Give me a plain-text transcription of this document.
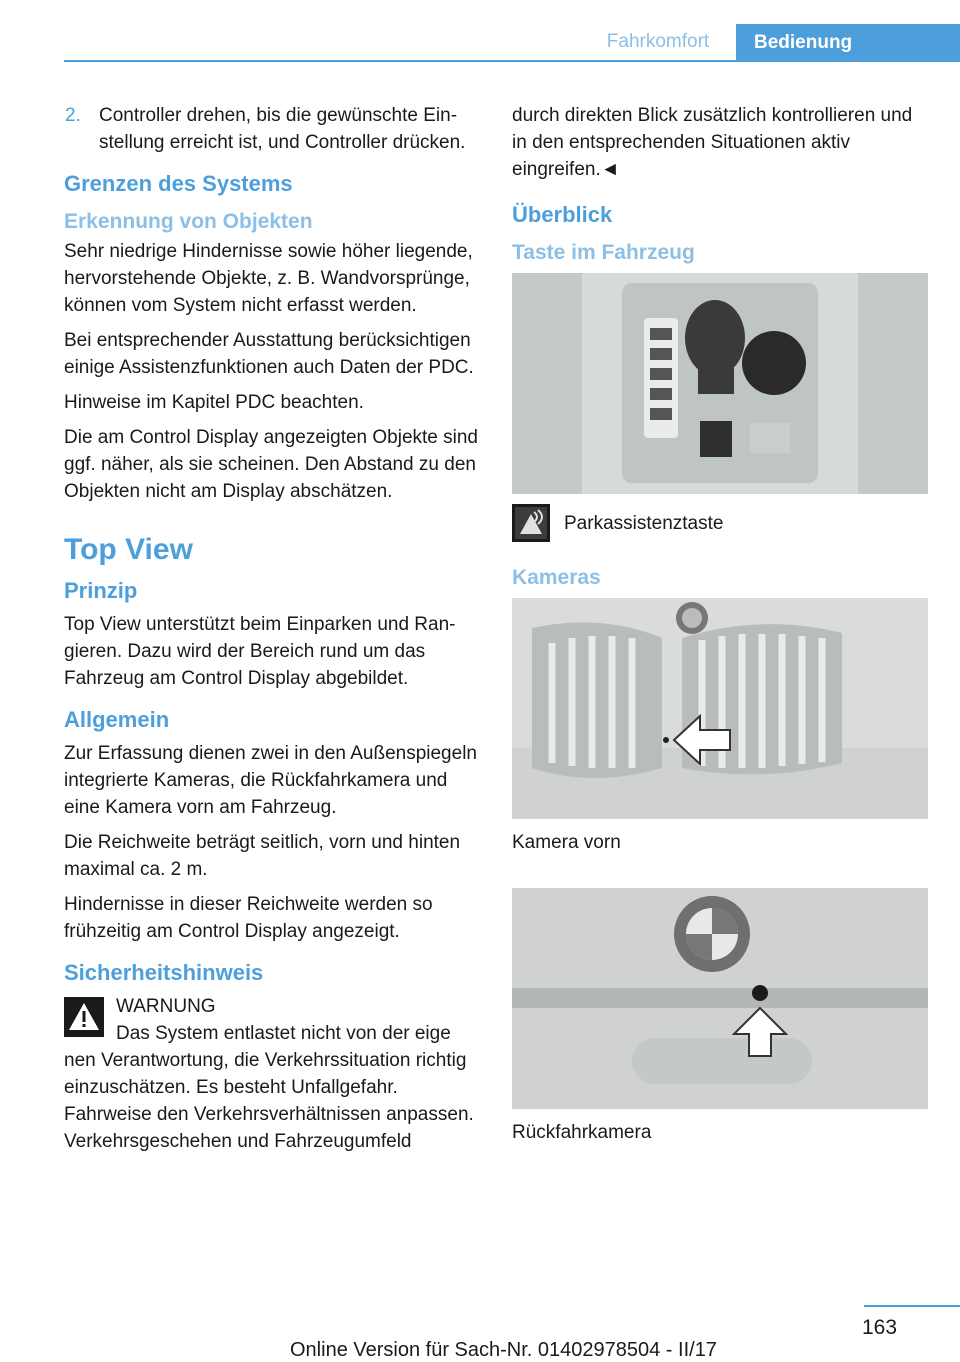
Fahrkomfort	Bedienung
2. Controller drehen, bis die gewünschte Einstellung erreicht ist, und Controller drücken.
Grenzen des Systems
Erkennung von Objekten

Sehr niedrige Hindernisse sowie höher liegende, hervorstehende Objekte, z. B. Wandvorsprünge, können vom System nicht erfasst werden.

Bei entsprechender Ausstattung berücksichtigen einige Assistenzfunktionen auch Daten der PDC.

Hinweise im Kapitel PDC beachten.

Die am Control Display angezeigten Objekte sind ggf. näher, als sie scheinen. Den Abstand zu den Objekten nicht am Display abschätzen.

Top View
Prinzip

Top View unterstützt beim Einparken und Rangieren. Dazu wird der Bereich rund um das Fahrzeug am Control Display abgebildet.

Allgemein

Zur Erfassung dienen zwei in den Außenspiegeln integrierte Kameras, die Rückfahrkamera und eine Kamera vorn am Fahrzeug.

Die Reichweite beträgt seitlich, vorn und hinten maximal ca. 2 m.

Hindernisse in dieser Reichweite werden so frühzeitig am Control Display angezeigt.

Sicherheitshinweis
WARNUNG
Das System entlastet nicht von der eige
nen Verantwortung, die Verkehrssituation richtig einzuschätzen. Es besteht Unfallgefahr. Fahrweise den Verkehrsverhältnissen anpassen. Verkehrsgeschehen und Fahrzeugumfeld

durch direkten Blick zusätzlich kontrollieren und in den entsprechenden Situationen aktiv eingreifen.◄

Überblick
Taste im Fahrzeug
Parkassistenztaste
Kameras
Kamera vorn
Rückfahrkamera
163
Online Version für Sach-Nr. 01402978504 - II/17
